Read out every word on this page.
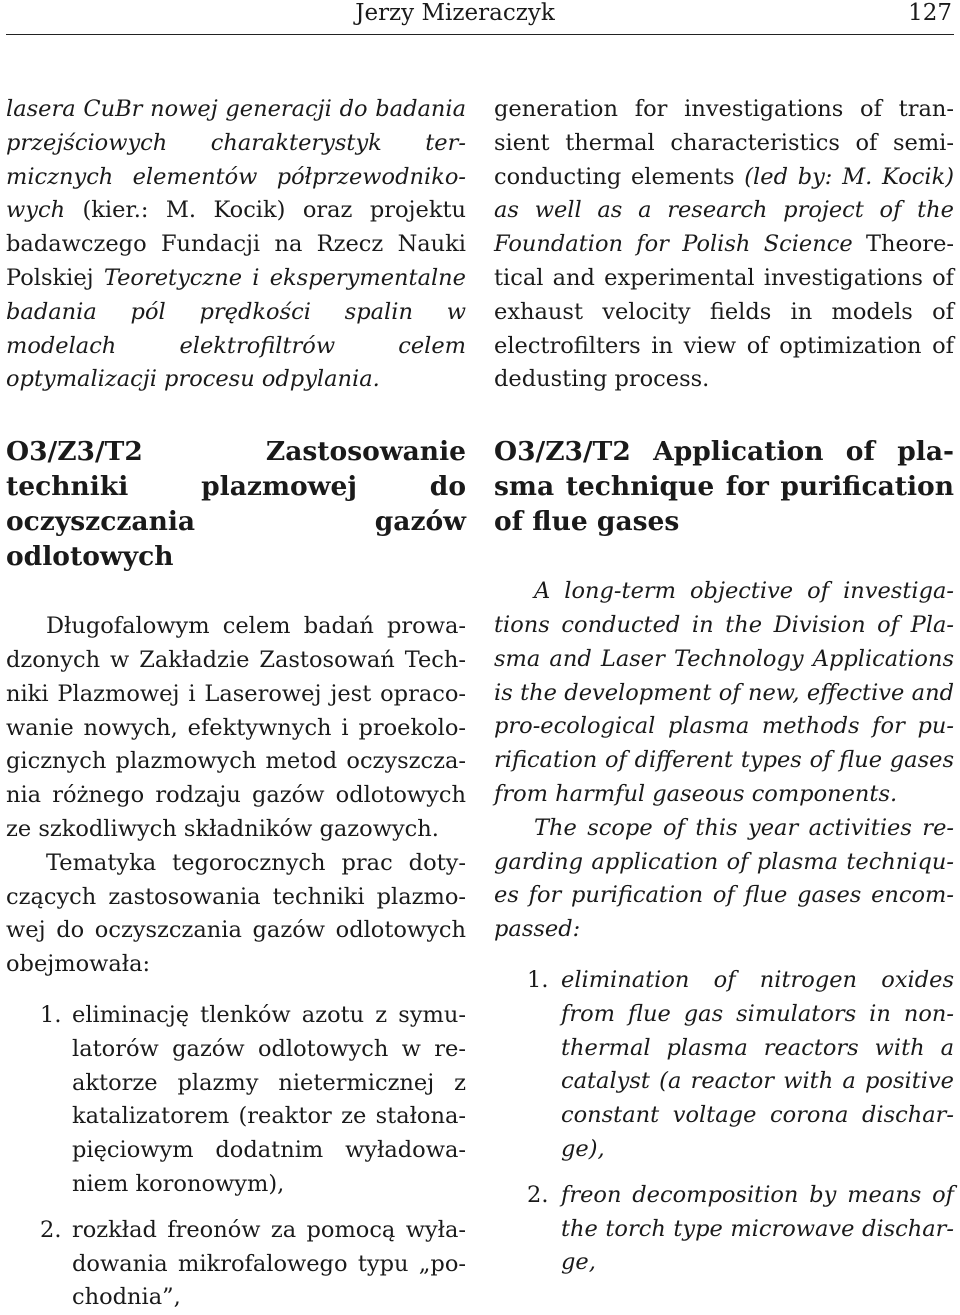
Jerzy Mizeraczyk	127

lasera CuBr nowej generacji do badania przejściowych charakterystyk termicznych elementów półprzewodnikowych (kier.: M. Kocik) oraz projektu badawczego Fundacji na Rzecz Nauki Polskiej Teoretyczne i eksperymentalne badania pól prędkości spalin w modelach elektrofiltrów celem optymalizacji procesu odpylania.

O3/Z3/T2 Zastosowanie techniki plazmowej do oczyszczania gazów odlotowych

Długofalowym celem badań prowadzonych w Zakładzie Zastosowań Techniki Plazmowej i Laserowej jest opracowanie nowych, efektywnych i proekologicznych plazmowych metod oczyszczania różnego rodzaju gazów odlotowych ze szkodliwych składników gazowych.

Tematyka tegorocznych prac dotyczących zastosowania techniki plazmowej do oczyszczania gazów odlotowych obejmowała:

1. eliminację tlenków azotu z symulatorów gazów odlotowych w reaktorze plazmy nietermicznej z katalizatorem (reaktor ze stałonapięciowym dodatnim wyładowaniem koronowym),
2. rozkład freonów za pomocą wyładowania mikrofalowego typu „pochodnia”,

generation for investigations of transient thermal characteristics of semiconducting elements (led by: M. Kocik) as well as a research project of the Foundation for Polish Science Theoretical and experimental investigations of exhaust velocity fields in models of electrofilters in view of optimization of dedusting process.

O3/Z3/T2 Application of plasma technique for purification of flue gases

A long-term objective of investigations conducted in the Division of Plasma and Laser Technology Applications is the development of new, effective and pro-ecological plasma methods for purification of different types of flue gases from harmful gaseous components.

The scope of this year activities regarding application of plasma techniques for purification of flue gases encompassed:

1. elimination of nitrogen oxides from flue gas simulators in nonthermal plasma reactors with a catalyst (a reactor with a positive constant voltage corona discharge),
2. freon decomposition by means of the torch type microwave discharge,
